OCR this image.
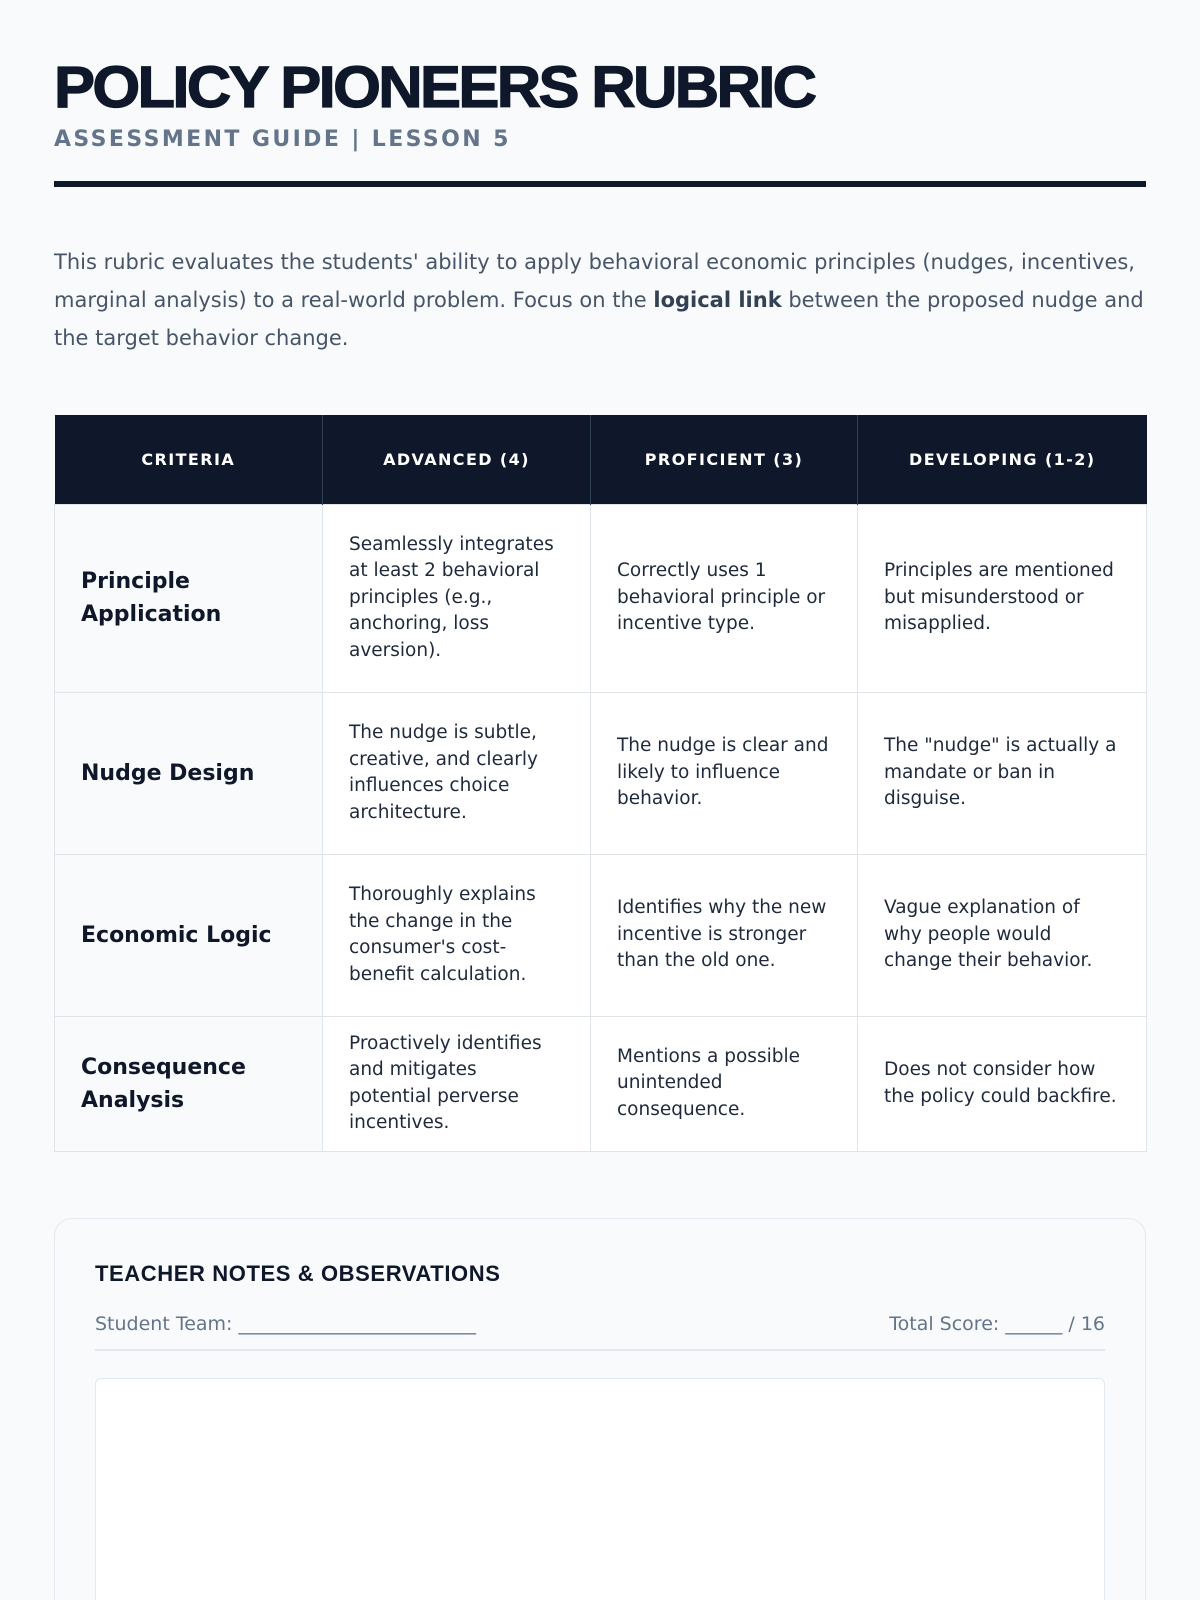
POLICY PIONEERS RUBRIC
ASSESSMENT GUIDE | LESSON 5

This rubric evaluates the students' ability to apply behavioral economic principles (nudges, incentives, marginal analysis) to a real-world problem. Focus on the logical link between the proposed nudge and the target behavior change.

CRITERIA	ADVANCED (4)	PROFICIENT (3)	DEVELOPING (1-2)
Principle Application	Seamlessly integrates at least 2 behavioral principles (e.g., anchoring, loss aversion).	Correctly uses 1 behavioral principle or incentive type.	Principles are mentioned but misunderstood or misapplied.
Nudge Design	The nudge is subtle, creative, and clearly influences choice architecture.	The nudge is clear and likely to influence behavior.	The "nudge" is actually a mandate or ban in disguise.
Economic Logic	Thoroughly explains the change in the consumer's cost-benefit calculation.	Identifies why the new incentive is stronger than the old one.	Vague explanation of why people would change their behavior.
Consequence Analysis	Proactively identifies and mitigates potential perverse incentives.	Mentions a possible unintended consequence.	Does not consider how the policy could backfire.
TEACHER NOTES & OBSERVATIONS
Student Team: _________________________	Total Score: ______ / 16
